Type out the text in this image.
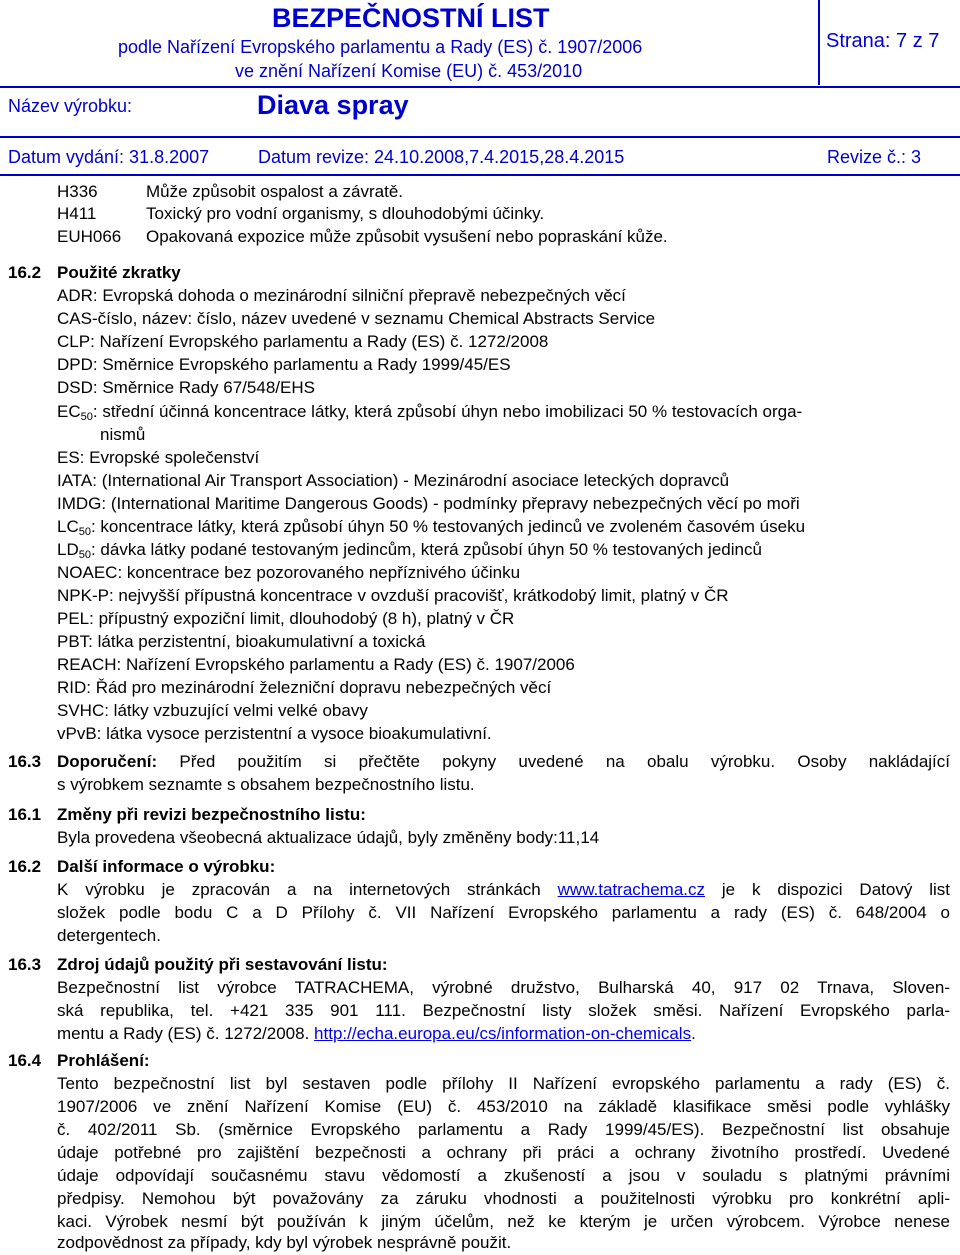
BEZPEČNOSTNÍ LIST
podle Nařízení Evropského parlamentu a Rady (ES) č. 1907/2006
ve znění Nařízení Komise (EU) č. 453/2010
Strana: 7 z 7
Název výrobku:	Diava spray
Datum vydání: 31.8.2007	Datum revize: 24.10.2008,7.4.2015,28.4.2015	Revize č.: 3
H336	Může způsobit ospalost a závratě.
H411	Toxický pro vodní organismy, s dlouhodobými účinky.
EUH066 Opakovaná expozice může způsobit vysušení nebo popraskání kůže.
16.2 Použité zkratky
ADR: Evropská dohoda o mezinárodní silniční přepravě nebezpečných věcí
CAS-číslo, název: číslo, název uvedené v seznamu Chemical Abstracts Service
CLP: Nařízení Evropského parlamentu a Rady (ES) č. 1272/2008
DPD: Směrnice Evropského parlamentu a Rady 1999/45/ES
DSD: Směrnice Rady 67/548/EHS
$EC_{50}$: střední účinná koncentrace látky, která způsobí úhyn nebo imobilizaci 50 % testovacích orga-
nismů
ES: Evropské společenství
IATA: (International Air Transport Association) - Mezinárodní asociace leteckých dopravců
IMDG: (International Maritime Dangerous Goods) - podmínky přepravy nebezpečných věcí po moři
$LC_{50}$: koncentrace látky, která způsobí úhyn 50 % testovaných jedinců ve zvoleném časovém úseku
$LD_{50}$: dávka látky podané testovaným jedincům, která způsobí úhyn 50 % testovaných jedinců
NOAEC: koncentrace bez pozorovaného nepříznivého účinku
NPK-P: nejvyšší přípustná koncentrace v ovzduší pracovišť, krátkodobý limit, platný v ČR
PEL: přípustný expoziční limit, dlouhodobý (8 h), platný v ČR
PBT: látka perzistentní, bioakumulativní a toxická
REACH: Nařízení Evropského parlamentu a Rady (ES) č. 1907/2006
RID: Řád pro mezinárodní železniční dopravu nebezpečných věcí
SVHC: látky vzbuzující velmi velké obavy
vPvB: látka vysoce perzistentní a vysoce bioakumulativní.
16.3 Doporučení: Před použitím si přečtěte pokyny uvedené na obalu výrobku. Osoby nakládající
s výrobkem seznamte s obsahem bezpečnostního listu.
16.1 Změny při revizi bezpečnostního listu:
Byla provedena všeobecná aktualizace údajů, byly změněny body:11,14
16.2 Další informace o výrobku:
K výrobku je zpracován a na internetových stránkách www.tatrachema.cz je k dispozici Datový list
složek podle bodu C a D Přílohy č. VII Nařízení Evropského parlamentu a rady (ES) č. 648/2004 o
detergentech.
16.3 Zdroj údajů použitý při sestavování listu:
Bezpečnostní list výrobce TATRACHEMA, výrobné družstvo, Bulharská 40, 917 02 Trnava, Sloven-
ská republika, tel. +421 335 901 111. Bezpečnostní listy složek směsi. Nařízení Evropského parla-
mentu a Rady (ES) č. 1272/2008. http://echa.europa.eu/cs/information-on-chemicals.
16.4 Prohlášení:
Tento bezpečnostní list byl sestaven podle přílohy II Nařízení evropského parlamentu a rady (ES) č.
1907/2006 ve znění Nařízení Komise (EU) č. 453/2010 na základě klasifikace směsi podle vyhlášky
č. 402/2011 Sb. (směrnice Evropského parlamentu a Rady 1999/45/ES). Bezpečnostní list obsahuje
údaje potřebné pro zajištění bezpečnosti a ochrany při práci a ochrany životního prostředí. Uvedené
údaje odpovídají současnému stavu vědomostí a zkušeností a jsou v souladu s platnými právními
předpisy. Nemohou být považovány za záruku vhodnosti a použitelnosti výrobku pro konkrétní apli-
kaci. Výrobek nesmí být používán k jiným účelům, než ke kterým je určen výrobcem. Výrobce nenese
zodpovědnost za případy, kdy byl výrobek nesprávně použit.
